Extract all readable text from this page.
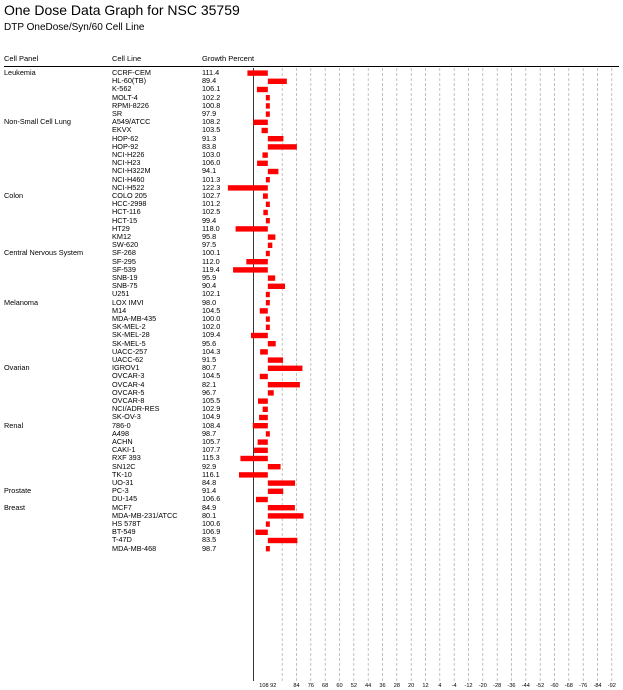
One Dose Data Graph for NSC 35759
DTP OneDose/Syn/60 Cell Line
Cell Panel	Cell Line	Growth Percent
Leukemia	CCRF-CEM	111.4
HL-60(TB)	89.4
K-562	106.1
MOLT-4	102.2
RPMI-8226	100.8
SR	97.9
Non-Small Cell Lung	A549/ATCC	108.2
EKVX	103.5
HOP-62	91.3
HOP-92	83.8
NCI-H226	103.0
NCI-H23	106.0
NCI-H322M	94.1
NCI-H460	101.3
NCI-H522	122.3
Colon	COLO 205	102.7
HCC-2998	101.2
HCT-116	102.5
HCT-15	99.4
HT29	118.0
KM12	95.8
SW-620	97.5
Central Nervous System	SF-268	100.1
SF-295	112.0
SF-539	119.4
SNB-19	95.9
SNB-75	90.4
U251	102.1
Melanoma	LOX IMVI	98.0
M14	104.5
MDA-MB-435	100.0
SK-MEL-2	102.0
SK-MEL-28	109.4
SK-MEL-5	95.6
UACC-257	104.3
UACC-62	91.5
Ovarian	IGROV1	80.7
OVCAR-3	104.5
OVCAR-4	82.1
OVCAR-5	96.7
OVCAR-8	105.5
NCI/ADR-RES	102.9
SK-OV-3	104.9
Renal	786-0	108.4
A498	98.7
ACHN	105.7
CAKI-1	107.7
RXF 393	115.3
SN12C	92.9
TK-10	116.1
UO-31	84.8
Prostate	PC-3	91.4
DU-145	106.6
Breast	MCF7	84.9
MDA-MB-231/ATCC	80.1
HS 578T	100.6
BT-549	106.9
T-47D	83.5
MDA-MB-468	98.7
108 92	84 76 68 60 52 44 36 28 20 12 4 -4 -12 -20 -28 -36 -44 -52 -60 -68 -76 -84 -92
